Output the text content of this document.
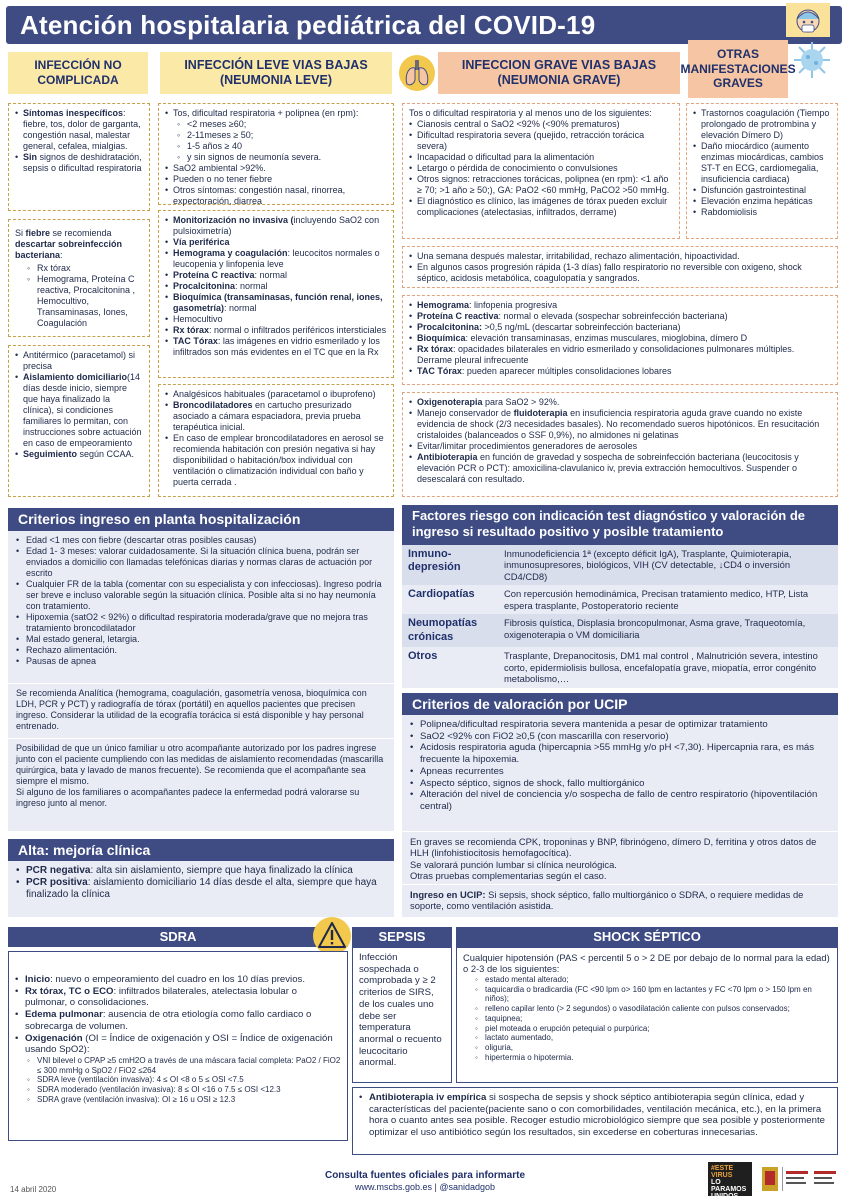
Atención hospitalaria pediátrica del COVID-19
INFECCIÓN NO COMPLICADA
INFECCIÓN LEVE VIAS BAJAS (NEUMONIA LEVE)
INFECCION GRAVE VIAS BAJAS (NEUMONIA GRAVE)
OTRAS MANIFESTACIONES GRAVES
• Síntomas inespecíficos: fiebre, tos, dolor de garganta, congestión nasal, malestar general, cefalea, mialgias.
• Sin signos de deshidratación, sepsis o dificultad respiratoria
Si fiebre se recomienda descartar sobreinfección bacteriana:
◦ Rx tórax
◦ Hemograma, Proteína C reactiva, Procalcitonina , Hemocultivo, Transaminasas, Iones, Coagulación
• Antitérmico (paracetamol) si precisa
• Aislamiento domiciliario(14 días desde inicio, siempre que haya finalizado la clínica), si condiciones familiares lo permitan, con instrucciones sobre actuación en caso de empeoramiento
• Seguimiento según CCAA.
• Tos, dificultad respiratoria + polipnea (en rpm):
◦ <2 meses ≥60;
◦ 2-11meses ≥ 50;
◦ 1-5 años ≥ 40
◦ y sin signos de neumonía severa.
• SaO2 ambiental >92%.
• Pueden o no tener fiebre
• Otros síntomas: congestión nasal, rinorrea, expectoración, diarrea
• Monitorización no invasiva (incluyendo SaO2 con pulsioximetría)
• Vía periférica
• Hemograma y coagulación: leucocitos normales o leucopenia y linfopenia leve
• Proteína C reactiva: normal
• Procalcitonina: normal
• Bioquímica (transaminasas, función renal, iones, gasometría): normal
• Hemocultivo
• Rx tórax: normal o infiltrados periféricos intersticiales
• TAC Tórax: las imágenes en vidrio esmerilado y los infiltrados son más evidentes en el TC que en la Rx
• Analgésicos habituales (paracetamol o ibuprofeno)
• Broncodilatadores en cartucho presurizado asociado a cámara espaciadora, previa prueba terapéutica inicial.
• En caso de emplear broncodilatadores en aerosol se recomienda habitación con presión negativa si hay disponibilidad o habitación/box individual con ventilación o climatización individual con baño y puerta cerrada .
Tos o dificultad respiratoria y al menos uno de los siguientes:
• Cianosis central o SaO2 <92% (<90% prematuros)
• Dificultad respiratoria severa (quejido, retracción torácica severa)
• Incapacidad o dificultad para la alimentación
• Letargo o pérdida de conocimiento o convulsiones
• Otros signos: retracciones torácicas, polipnea (en rpm): <1 año ≥ 70; >1 año ≥ 50;), GA: PaO2 <60 mmHg, PaCO2 >50 mmHg.
• El diagnóstico es clínico, las imágenes de tórax pueden excluir complicaciones (atelectasias, infiltrados, derrame)
• Una semana después malestar, irritabilidad, rechazo alimentación, hipoactividad.
• En algunos casos progresión rápida (1-3 días) fallo respiratorio no reversible con oxigeno, shock séptico, acidosis metabólica, coagulopatía y sangrados.
• Hemograma: linfopenia progresiva
• Proteína C reactiva: normal o elevada (sospechar sobreinfección bacteriana)
• Procalcitonina: >0,5 ng/mL (descartar sobreinfección bacteriana)
• Bioquímica: elevación transaminasas, enzimas musculares, mioglobina, dímero D
• Rx tórax: opacidades bilaterales en vidrio esmerilado y consolidaciones pulmonares múltiples. Derrame pleural infrecuente
• TAC Tórax: pueden aparecer múltiples consolidaciones lobares
• Oxigenoterapia para SaO2 > 92%.
• Manejo conservador de fluidoterapia en insuficiencia respiratoria aguda grave cuando no existe evidencia de shock (2/3 necesidades basales). No recomendado sueros hipotónicos. En resucitación cristaloides (balanceados o SSF 0,9%), no almidones ni gelatinas
• Evitar/limitar procedimientos generadores de aerosoles
• Antibioterapia en función de gravedad y sospecha de sobreinfección bacteriana (leucocitosis y elevación PCR o PCT): amoxicilina-clavulanico iv, previa extracción hemocultivos. Suspender o desescalará con resultado.
• Trastornos coagulación (Tiempo prolongado de protrombina y elevación Dímero D)
• Daño miocárdico (aumento enzimas miocárdicas, cambios ST-T en ECG, cardiomegalia, insuficiencia cardiaca)
• Disfunción gastrointestinal
• Elevación enzima hepáticas
• Rabdomiolisis
Criterios ingreso en planta hospitalización
• Edad <1 mes con fiebre (descartar otras posibles causas)
• Edad 1- 3 meses: valorar cuidadosamente. Si la situación clínica buena, podrán ser enviados a domicilio con llamadas telefónicas diarias y normas claras de actuación por escrito
• Cualquier FR de la tabla (comentar con su especialista y con infecciosas). Ingreso podría ser breve e incluso valorable según la situación clínica. Posible alta si no hay neumonía con tratamiento.
• Hipoxemia (satO2 < 92%) o dificultad respiratoria moderada/grave que no mejora tras tratamiento broncodilatador
• Mal estado general, letargia.
• Rechazo alimentación.
• Pausas de apnea
Se recomienda Analítica (hemograma, coagulación, gasometría venosa, bioquímica con LDH, PCR y PCT) y radiografía de tórax (portátil) en aquellos pacientes que precisen ingreso. Considerar la utilidad de la ecografía torácica si está disponible y hay personal entrenado.
Posibilidad de que un único familiar u otro acompañante autorizado por los padres ingrese junto con el paciente cumpliendo con las medidas de aislamiento recomendadas (mascarilla quirúrgica, bata y lavado de manos frecuente). Se recomienda que el acompañante sea siempre el mismo.
Si alguno de los familiares o acompañantes padece la enfermedad podrá valorarse su ingreso junto al menor.
Alta: mejoría clínica
• PCR negativa: alta sin aislamiento, siempre que haya finalizado la clínica
• PCR positiva: aislamiento domiciliario 14 días desde el alta, siempre que haya finalizado la clínica
Factores riesgo con indicación test diagnóstico y valoración de ingreso si resultado positivo y posible tratamiento
Inmuno-depresión	Inmunodeficiencia 1ª (excepto déficit IgA), Trasplante, Quimioterapia, inmunosupresores, biológicos, VIH (CV detectable, ↓CD4 o inversión CD4/CD8)
Cardiopatías	Con repercusión hemodinámica, Precisan tratamiento medico, HTP, Lista espera trasplante, Postoperatorio reciente
Neumopatías crónicas	Fibrosis quística, Displasia broncopulmonar, Asma grave, Traqueotomía, oxigenoterapia o VM domiciliaria
Otros	Trasplante, Drepanocitosis, DM1 mal control , Malnutrición severa, intestino corto, epidermiolisis bullosa, encefalopatía grave, miopatía, error congénito metabolismo,…
Criterios de valoración por UCIP
• Polipnea/dificultad respiratoria severa mantenida a pesar de optimizar tratamiento
• SaO2 <92% con FiO2 ≥0,5 (con mascarilla con reservorio)
• Acidosis respiratoria aguda (hipercapnia >55 mmHg y/o pH <7,30). Hipercapnia rara, es más frecuente la hipoxemia.
• Apneas recurrentes
• Aspecto séptico, signos de shock, fallo multiorgánico
• Alteración del nivel de conciencia y/o sospecha de fallo de centro respiratorio (hipoventilación central)
En graves se recomienda CPK, troponinas y BNP, fibrinógeno, dímero D, ferritina y otros datos de HLH (linfohistiocitosis hemofagocítica).
Se valorará punción lumbar si clínica neurológica.
Otras pruebas complementarias según el caso.
Ingreso en UCIP: Si sepsis, shock séptico, fallo multiorgánico o SDRA, o requiere medidas de soporte, como ventilación asistida.
SDRA
• Inicio: nuevo o empeoramiento del cuadro en los 10 días previos.
• Rx tórax, TC o ECO: infiltrados bilaterales, atelectasia lobular o pulmonar, o consolidaciones.
• Edema pulmonar: ausencia de otra etiología como fallo cardiaco o sobrecarga de volumen.
• Oxigenación (OI = Índice de oxigenación y OSI = Índice de oxigenación usando SpO2):
◦ VNI bilevel o CPAP ≥5 cmH2O a través de una máscara facial completa: PaO2 / FiO2 ≤ 300 mmHg o SpO2 / FiO2 ≤264
◦ SDRA leve (ventilación invasiva): 4 ≤ OI <8 o 5 ≤ OSI <7.5
◦ SDRA moderado (ventilación invasiva): 8 ≤ OI <16 o 7.5 ≤ OSI <12.3
◦ SDRA grave (ventilación invasiva): OI ≥ 16 u OSI ≥ 12.3
SEPSIS
Infección sospechada o comprobada y ≥ 2 criterios de SIRS, de los cuales uno debe ser temperatura anormal o recuento leucocitario anormal.
SHOCK SÉPTICO
Cualquier hipotensión (PAS < percentil 5 o > 2 DE por debajo de lo normal para la edad) o 2-3 de los siguientes:
◦ estado mental alterado;
◦ taquicardia o bradicardia (FC <90 lpm o> 160 lpm en lactantes y FC <70 lpm o > 150 lpm en niños);
◦ relleno capilar lento (> 2 segundos) o vasodilatación caliente con pulsos conservados;
◦ taquipnea;
◦ piel moteada o erupción petequial o purpúrica;
◦ lactato aumentado,
◦ oliguria,
◦ hipertermia o hipotermia.
• Antibioterapia iv empírica si sospecha de sepsis y shock séptico antibioterapia según clínica, edad y características del paciente(paciente sano o con comorbilidades, ventilación mecánica, etc.), en la primera hora o cuanto antes sea posible. Recoger estudio microbiológico siempre que sea posible y posteriormente optimizar el uso antibiótico según los resultados, sin excederse en coberturas innecesarias.
14 abril 2020
Consulta fuentes oficiales para informarte
www.mscbs.gob.es | @sanidadgob
#ESTE
VIRUS
LO
PARAMOS
UNIDOS
